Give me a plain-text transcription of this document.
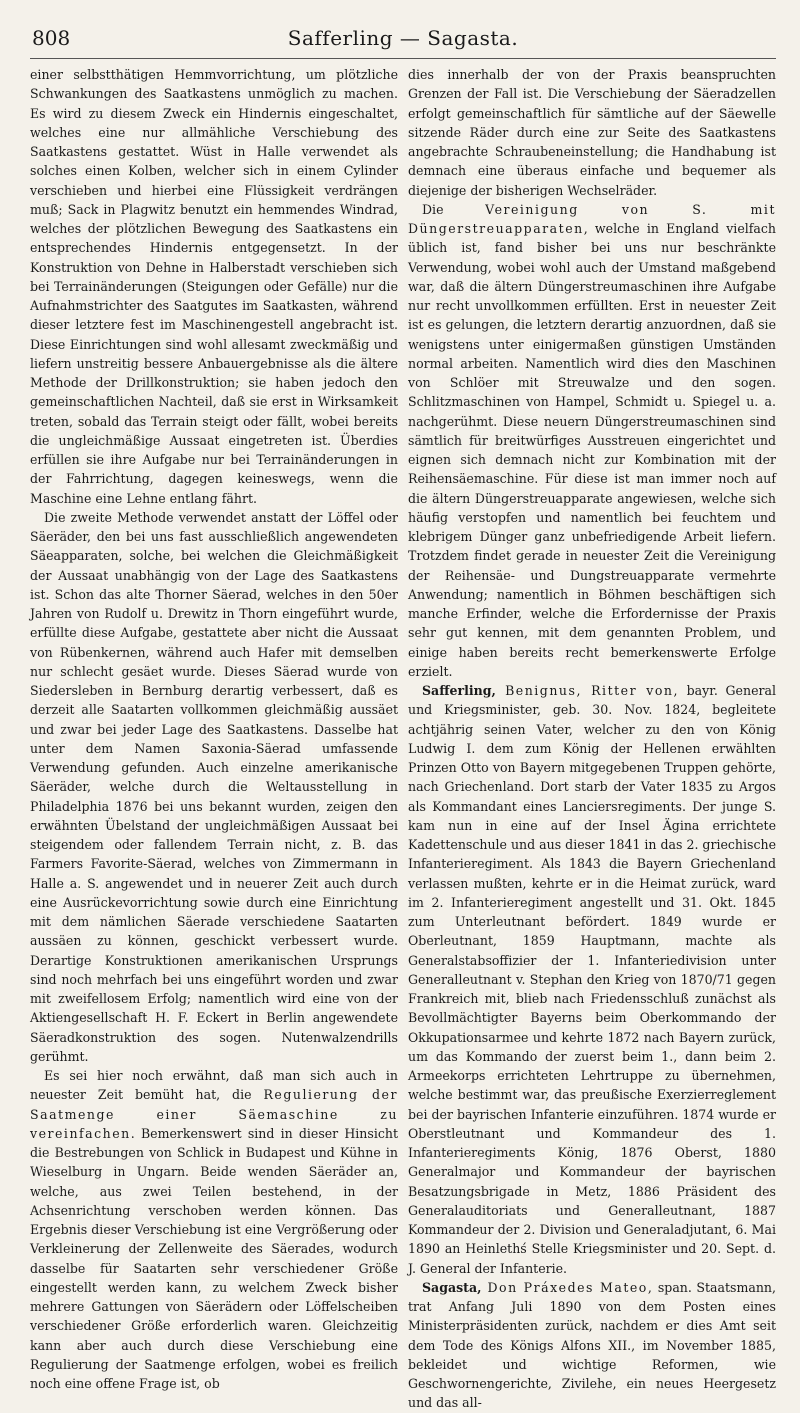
808	Safferling — Sagasta.

einer selbstthätigen Hemmvorrichtung, um plötzliche Schwankungen des Saatkastens unmöglich zu machen. Es wird zu diesem Zweck ein Hindernis eingeschaltet, welches eine nur allmähliche Verschiebung des Saatkastens gestattet. Wüst in Halle verwendet als solches einen Kolben, welcher sich in einem Cylinder verschieben und hierbei eine Flüssigkeit verdrängen muß; Sack in Plagwitz benutzt ein hemmendes Windrad, welches der plötzlichen Bewegung des Saatkastens ein entsprechendes Hindernis entgegensetzt. In der Konstruktion von Dehne in Halberstadt verschieben sich bei Terrainänderungen (Steigungen oder Gefälle) nur die Aufnahmstrichter des Saatgutes im Saatkasten, während dieser letztere fest im Maschinengestell angebracht ist. Diese Einrichtungen sind wohl allesamt zweckmäßig und liefern unstreitig bessere Anbauergebnisse als die ältere Methode der Drillkonstruktion; sie haben jedoch den gemeinschaftlichen Nachteil, daß sie erst in Wirksamkeit treten, sobald das Terrain steigt oder fällt, wobei bereits die ungleichmäßige Aussaat eingetreten ist. Überdies erfüllen sie ihre Aufgabe nur bei Terrainänderungen in der Fahrrichtung, dagegen keineswegs, wenn die Maschine eine Lehne entlang fährt.

Die zweite Methode verwendet anstatt der Löffel oder Säeräder, den bei uns fast ausschließlich angewendeten Säeapparaten, solche, bei welchen die Gleichmäßigkeit der Aussaat unabhängig von der Lage des Saatkastens ist. Schon das alte Thorner Säerad, welches in den 50er Jahren von Rudolf u. Drewitz in Thorn eingeführt wurde, erfüllte diese Aufgabe, gestattete aber nicht die Aussaat von Rübenkernen, während auch Hafer mit demselben nur schlecht gesäet wurde. Dieses Säerad wurde von Siedersleben in Bernburg derartig verbessert, daß es derzeit alle Saatarten vollkommen gleichmäßig aussäet und zwar bei jeder Lage des Saatkastens. Dasselbe hat unter dem Namen Saxonia-Säerad umfassende Verwendung gefunden. Auch einzelne amerikanische Säeräder, welche durch die Weltausstellung in Philadelphia 1876 bei uns bekannt wurden, zeigen den erwähnten Übelstand der ungleichmäßigen Aussaat bei steigendem oder fallendem Terrain nicht, z. B. das Farmers Favorite-Säerad, welches von Zimmermann in Halle a. S. angewendet und in neuerer Zeit auch durch eine Ausrückevorrichtung sowie durch eine Einrichtung mit dem nämlichen Säerade verschiedene Saatarten aussäen zu können, geschickt verbessert wurde. Derartige Konstruktionen amerikanischen Ursprungs sind noch mehrfach bei uns eingeführt worden und zwar mit zweifellosem Erfolg; namentlich wird eine von der Aktiengesellschaft H. F. Eckert in Berlin angewendete Säeradkonstruktion des sogen. Nutenwalzendrills gerühmt.

Es sei hier noch erwähnt, daß man sich auch in neuester Zeit bemüht hat, die Regulierung der Saatmenge einer Säemaschine zu vereinfachen. Bemerkenswert sind in dieser Hinsicht die Bestrebungen von Schlick in Budapest und Kühne in Wieselburg in Ungarn. Beide wenden Säeräder an, welche, aus zwei Teilen bestehend, in der Achsenrichtung verschoben werden können. Das Ergebnis dieser Verschiebung ist eine Vergrößerung oder Verkleinerung der Zellenweite des Säerades, wodurch dasselbe für Saatarten sehr verschiedener Größe eingestellt werden kann, zu welchem Zweck bisher mehrere Gattungen von Säerädern oder Löffelscheiben verschiedener Größe erforderlich waren. Gleichzeitig kann aber auch durch diese Verschiebung eine Regulierung der Saatmenge erfolgen, wobei es freilich noch eine offene Frage ist, ob

dies innerhalb der von der Praxis beanspruchten Grenzen der Fall ist. Die Verschiebung der Säeradzellen erfolgt gemeinschaftlich für sämtliche auf der Säewelle sitzende Räder durch eine zur Seite des Saatkastens angebrachte Schraubeneinstellung; die Handhabung ist demnach eine überaus einfache und bequemer als diejenige der bisherigen Wechselräder.

Die Vereinigung von S. mit Düngerstreuapparaten, welche in England vielfach üblich ist, fand bisher bei uns nur beschränkte Verwendung, wobei wohl auch der Umstand maßgebend war, daß die ältern Düngerstreumaschinen ihre Aufgabe nur recht unvollkommen erfüllten. Erst in neuester Zeit ist es gelungen, die letztern derartig anzuordnen, daß sie wenigstens unter einigermaßen günstigen Umständen normal arbeiten. Namentlich wird dies den Maschinen von Schlöer mit Streuwalze und den sogen. Schlitzmaschinen von Hampel, Schmidt u. Spiegel u. a. nachgerühmt. Diese neuern Düngerstreumaschinen sind sämtlich für breitwürfiges Ausstreuen eingerichtet und eignen sich demnach nicht zur Kombination mit der Reihensäemaschine. Für diese ist man immer noch auf die ältern Düngerstreuapparate angewiesen, welche sich häufig verstopfen und namentlich bei feuchtem und klebrigem Dünger ganz unbefriedigende Arbeit liefern. Trotzdem findet gerade in neuester Zeit die Vereinigung der Reihensäe- und Dungstreuapparate vermehrte Anwendung; namentlich in Böhmen beschäftigen sich manche Erfinder, welche die Erfordernisse der Praxis sehr gut kennen, mit dem genannten Problem, und einige haben bereits recht bemerkenswerte Erfolge erzielt.

Safferling, Benignus, Ritter von, bayr. General und Kriegsminister, geb. 30. Nov. 1824, begleitete achtjährig seinen Vater, welcher zu den von König Ludwig I. dem zum König der Hellenen erwählten Prinzen Otto von Bayern mitgegebenen Truppen gehörte, nach Griechenland. Dort starb der Vater 1835 zu Argos als Kommandant eines Lanciersregiments. Der junge S. kam nun in eine auf der Insel Ägina errichtete Kadettenschule und aus dieser 1841 in das 2. griechische Infanterieregiment. Als 1843 die Bayern Griechenland verlassen mußten, kehrte er in die Heimat zurück, ward im 2. Infanterieregiment angestellt und 31. Okt. 1845 zum Unterleutnant befördert. 1849 wurde er Oberleutnant, 1859 Hauptmann, machte als Generalstabsoffizier der 1. Infanteriedivision unter Generalleutnant v. Stephan den Krieg von 1870/71 gegen Frankreich mit, blieb nach Friedensschluß zunächst als Bevollmächtigter Bayerns beim Oberkommando der Okkupationsarmee und kehrte 1872 nach Bayern zurück, um das Kommando der zuerst beim 1., dann beim 2. Armeekorps errichteten Lehrtruppe zu übernehmen, welche bestimmt war, das preußische Exerzierreglement bei der bayrischen Infanterie einzuführen. 1874 wurde er Oberstleutnant und Kommandeur des 1. Infanterieregiments König, 1876 Oberst, 1880 Generalmajor und Kommandeur der bayrischen Besatzungsbrigade in Metz, 1886 Präsident des Generalauditoriats und Generalleutnant, 1887 Kommandeur der 2. Division und Generaladjutant, 6. Mai 1890 an Heinlethś Stelle Kriegsminister und 20. Sept. d. J. General der Infanterie.

Sagasta, Don Práxedes Mateo, span. Staatsmann, trat Anfang Juli 1890 von dem Posten eines Ministerpräsidenten zurück, nachdem er dies Amt seit dem Tode des Königs Alfons XII., im November 1885, bekleidet und wichtige Reformen, wie Geschwornengerichte, Zivilehe, ein neues Heergesetz und das all-
